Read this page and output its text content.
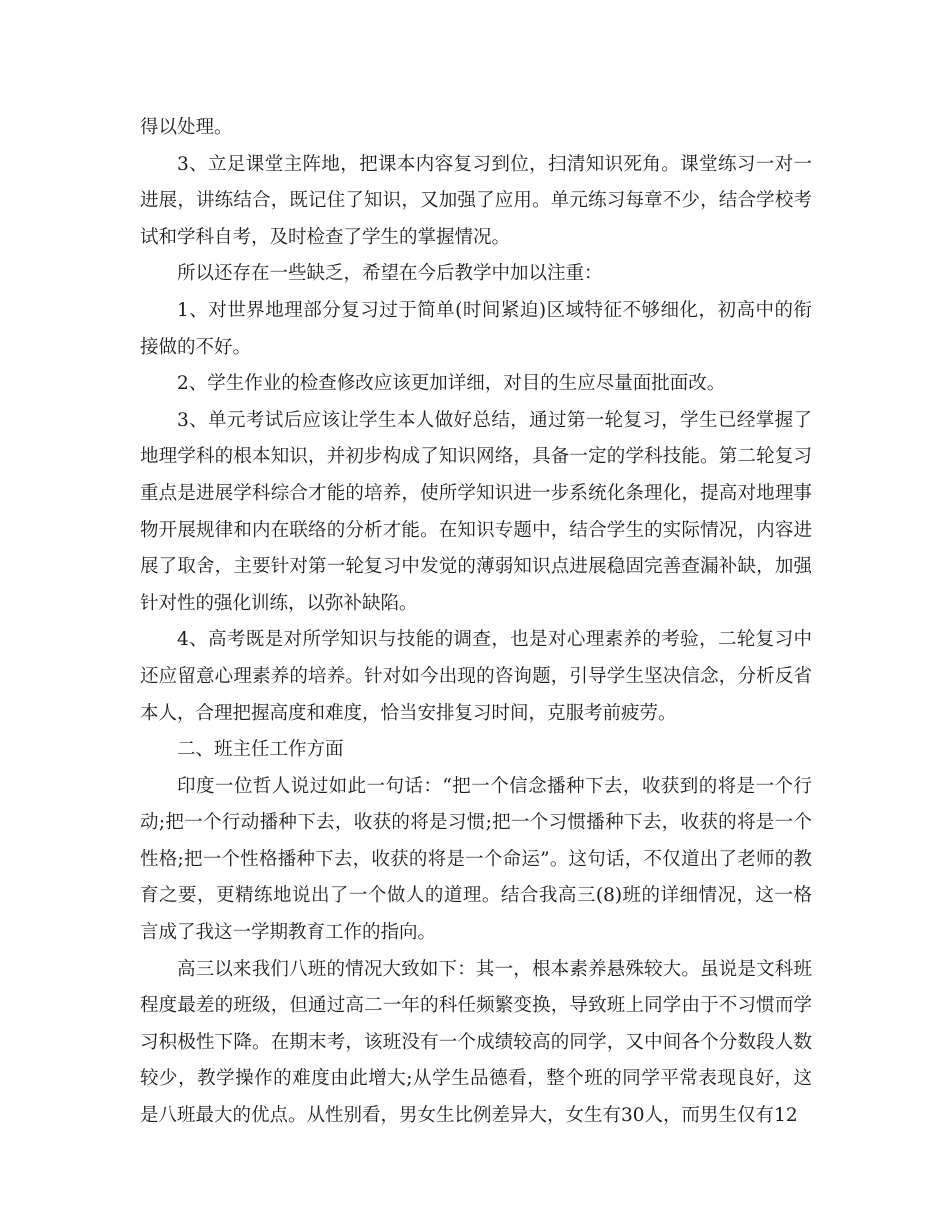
得以处理。

3、立足课堂主阵地，把课本内容复习到位，扫清知识死角。课堂练习一对一进展，讲练结合，既记住了知识，又加强了应用。单元练习每章不少，结合学校考试和学科自考，及时检查了学生的掌握情况。

所以还存在一些缺乏，希望在今后教学中加以注重：

1、对世界地理部分复习过于简单(时间紧迫)区域特征不够细化，初高中的衔接做的不好。

2、学生作业的检查修改应该更加详细，对目的生应尽量面批面改。

3、单元考试后应该让学生本人做好总结，通过第一轮复习，学生已经掌握了地理学科的根本知识，并初步构成了知识网络，具备一定的学科技能。第二轮复习重点是进展学科综合才能的培养，使所学知识进一步系统化条理化，提高对地理事物开展规律和内在联络的分析才能。在知识专题中，结合学生的实际情况，内容进展了取舍，主要针对第一轮复习中发觉的薄弱知识点进展稳固完善查漏补缺，加强针对性的强化训练，以弥补缺陷。

4、高考既是对所学知识与技能的调查，也是对心理素养的考验，二轮复习中还应留意心理素养的培养。针对如今出现的咨询题，引导学生坚决信念，分析反省本人，合理把握高度和难度，恰当安排复习时间，克服考前疲劳。

二、班主任工作方面

印度一位哲人说过如此一句话：“把一个信念播种下去，收获到的将是一个行动;把一个行动播种下去，收获的将是习惯;把一个习惯播种下去，收获的将是一个性格;把一个性格播种下去，收获的将是一个命运”。这句话，不仅道出了老师的教育之要，更精练地说出了一个做人的道理。结合我高三(8)班的详细情况，这一格言成了我这一学期教育工作的指向。

高三以来我们八班的情况大致如下：其一，根本素养悬殊较大。虽说是文科班程度最差的班级，但通过高二一年的科任频繁变换，导致班上同学由于不习惯而学习积极性下降。在期末考，该班没有一个成绩较高的同学，又中间各个分数段人数较少，教学操作的难度由此增大;从学生品德看，整个班的同学平常表现良好，这是八班最大的优点。从性别看，男女生比例差异大，女生有30人，而男生仅有12
